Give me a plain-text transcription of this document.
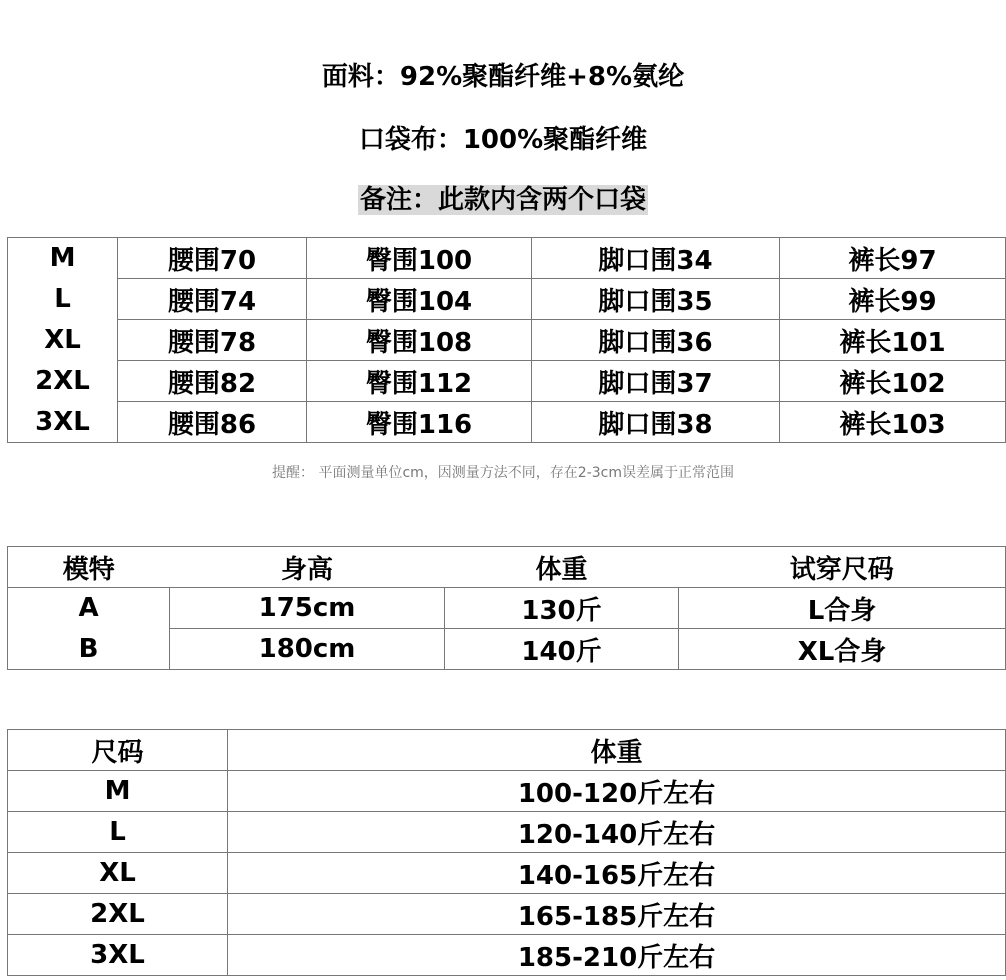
面料：92%聚酯纤维+8%氨纶
口袋布：100%聚酯纤维
备注：此款内含两个口袋
M	腰围70	臀围100	脚口围34	裤长97
L	腰围74	臀围104	脚口围35	裤长99
XL	腰围78	臀围108	脚口围36	裤长101
2XL	腰围82	臀围112	脚口围37	裤长102
3XL	腰围86	臀围116	脚口围38	裤长103
提醒： 平面测量单位cm，因测量方法不同，存在2-3cm误差属于正常范围
模特	身高	体重	试穿尺码
A	175cm	130斤	L合身
B	180cm	140斤	XL合身
尺码	体重
M	100-120斤左右
L	120-140斤左右
XL	140-165斤左右
2XL	165-185斤左右
3XL	185-210斤左右
